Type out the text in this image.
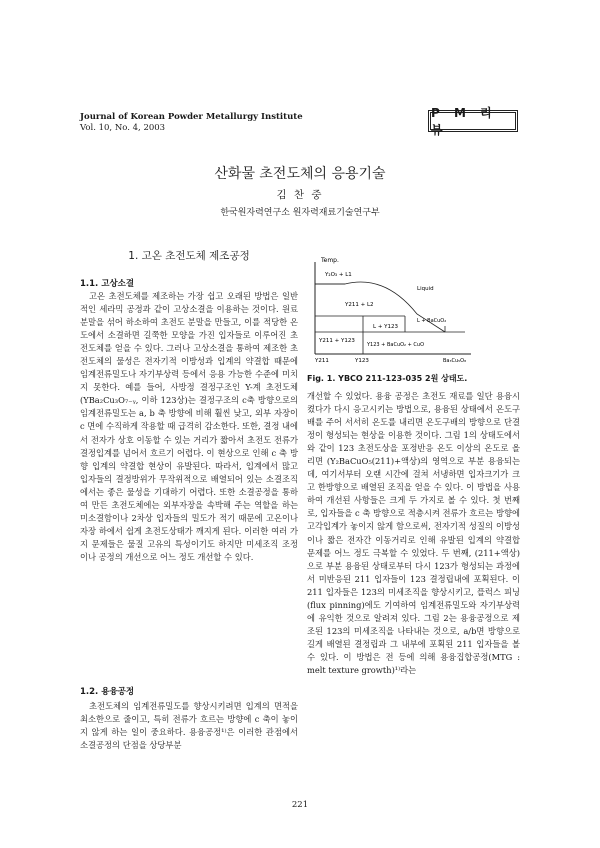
Journal of Korean Powder Metallurgy Institute
Vol. 10, No. 4, 2003
P M 리 뷰
산화물 초전도체의 응용기술
김 찬 중
한국원자력연구소 원자력재료기술연구부
1. 고온 초전도체 제조공정
1.1. 고상소결

고온 초전도체를 제조하는 가장 쉽고 오래된 방법은 일반적인 세라믹 공정과 같이 고상소결을 이용하는 것이다. 원료분말을 섞어 하소하여 초전도 분말을 만들고, 이를 적당한 온도에서 소결하면 길쭉한 모양을 가진 입자들로 이루어진 초전도체를 얻을 수 있다. 그러나 고상소결을 통하여 제조한 초전도체의 물성은 전자기적 이방성과 입계의 약결합 때문에 임계전류밀도나 자기부상력 등에서 응용 가능한 수준에 미치지 못한다. 예를 들어, 사방정 결정구조인 Y-계 초전도체(YBa₂Cu₃O₇₋ᵧ, 이하 123상)는 결정구조의 c축 방향으로의 임계전류밀도는 a, b 축 방향에 비해 훨씬 낮고, 외부 자장이 c 면에 수직하게 작용할 때 급격히 감소한다. 또한, 결정 내에서 전자가 상호 이동할 수 있는 거리가 짧아서 초전도 전류가 결정입계를 넘어서 흐르기 어렵다. 이 현상으로 인해 c 축 방향 입계의 약결합 현상이 유발된다. 따라서, 입계에서 많고 입자들의 결정방위가 무작위적으로 배열되어 있는 소결조직에서는 좋은 물성을 기대하기 어렵다. 또한 소결공정을 통하여 만든 초전도체에는 외부자장을 속박해 주는 역할을 하는 미소결함이나 2차상 입자들의 밀도가 적기 때문에 고온이나 자장 하에서 쉽게 초전도상태가 깨지게 된다. 이러한 여러 가지 문제들은 물질 고유의 특성이기도 하지만 미세조직 조정이나 공정의 개선으로 어느 정도 개선할 수 있다.

1.2. 용융공정

초전도체의 임계전류밀도를 향상시키려면 입계의 면적을 최소한으로 줄이고, 특히 전류가 흐르는 방향에 c 축이 놓이지 않게 하는 일이 중요하다. 용융공정¹⁾은 이러한 관점에서 소결공정의 단점을 상당부분

Temp.
Y₂O₃ + L1
Liquid
Y211 + L2
L + BaCuO₂
L + Y123
Y211 + Y123
Y123 + BaCuO₂ + CuO
Y211	Y123	Ba₃Cu₅O₈
Fig. 1. YBCO 211-123-035 2원 상태도.

개선할 수 있었다. 용융 공정은 초전도 재료를 일단 용융시켰다가 다시 응고시키는 방법으로, 용융된 상태에서 온도구배를 주어 서서히 온도를 내리면 온도구배의 방향으로 단결정이 형성되는 현상을 이용한 것이다. 그림 1의 상태도에서와 같이 123 초전도상을 포정반응 온도 이상의 온도로 올리면 (Y₂BaCuO₅(211)+액상)의 영역으로 부분 용융되는데, 여기서부터 오랜 시간에 걸쳐 서냉하면 입자크기가 크고 한방향으로 배열된 조직을 얻을 수 있다. 이 방법을 사용하여 개선된 사항들은 크게 두 가지로 볼 수 있다. 첫 번째로, 입자들을 c 축 방향으로 적층시켜 전류가 흐르는 방향에 고각입계가 놓이지 않게 함으로써, 전자기적 성질의 이방성이나 짧은 전자간 이동거리로 인해 유발된 입계의 약결합 문제를 어느 정도 극복할 수 있었다. 두 번째, (211+액상)으로 부분 용융된 상태로부터 다시 123가 형성되는 과정에서 미반응된 211 입자들이 123 결정립내에 포획된다. 이 211 입자들은 123의 미세조직을 향상시키고, 플럭스 피닝(flux pinning)에도 기여하여 임계전류밀도와 자기부상력에 유익한 것으로 알려져 있다. 그림 2는 용융공정으로 제조된 123의 미세조직을 나타내는 것으로, a/b면 방향으로 길게 배열된 결정립과 그 내부에 포획된 211 입자들을 볼 수 있다. 이 방법은 전 등에 의해 용융집합공정(MTG : melt texture growth)¹⁾라는

221
